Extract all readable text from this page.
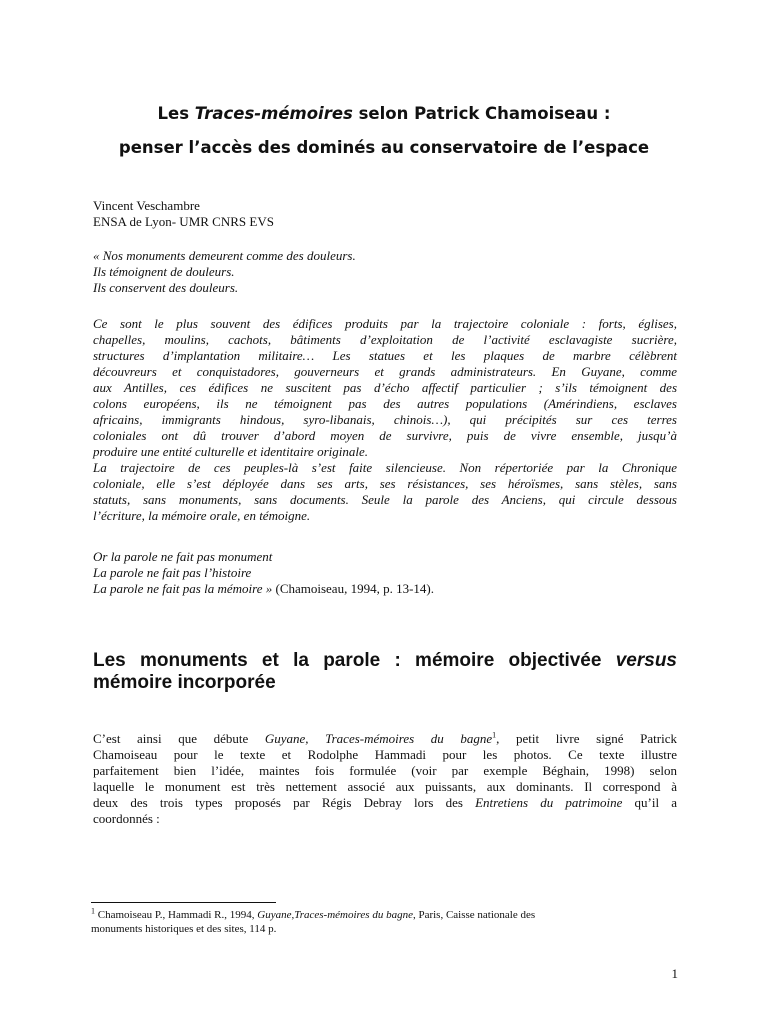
Les Traces-mémoires selon Patrick Chamoiseau :
penser l’accès des dominés au conservatoire de l’espace
Vincent Veschambre
ENSA de Lyon- UMR CNRS EVS
« Nos monuments demeurent comme des douleurs.
Ils témoignent de douleurs.
Ils conservent des douleurs.
Ce sont le plus souvent des édifices produits par la trajectoire coloniale : forts, églises,
chapelles, moulins, cachots, bâtiments d’exploitation de l’activité esclavagiste sucrière,
structures d’implantation militaire… Les statues et les plaques de marbre célèbrent
découvreurs et conquistadores, gouverneurs et grands administrateurs. En Guyane, comme
aux Antilles, ces édifices ne suscitent pas d’écho affectif particulier ; s’ils témoignent des
colons européens, ils ne témoignent pas des autres populations (Amérindiens, esclaves
africains, immigrants hindous, syro-libanais, chinois…), qui précipités sur ces terres
coloniales ont dû trouver d’abord moyen de survivre, puis de vivre ensemble, jusqu’à
produire une entité culturelle et identitaire originale.
La trajectoire de ces peuples-là s’est faite silencieuse. Non répertoriée par la Chronique
coloniale, elle s’est déployée dans ses arts, ses résistances, ses héroïsmes, sans stèles, sans
statuts, sans monuments, sans documents. Seule la parole des Anciens, qui circule dessous
l’écriture, la mémoire orale, en témoigne.
Or la parole ne fait pas monument
La parole ne fait pas l’histoire
La parole ne fait pas la mémoire » (Chamoiseau, 1994, p. 13-14).
Les monuments et la parole : mémoire objectivée versus
mémoire incorporée
C’est ainsi que débute Guyane, Traces-mémoires du bagne$^1$, petit livre signé Patrick
Chamoiseau pour le texte et Rodolphe Hammadi pour les photos. Ce texte illustre
parfaitement bien l’idée, maintes fois formulée (voir par exemple Béghain, 1998) selon
laquelle le monument est très nettement associé aux puissants, aux dominants. Il correspond à
deux des trois types proposés par Régis Debray lors des Entretiens du patrimoine qu’il a
coordonnés :
$^1$ Chamoiseau P., Hammadi R., 1994, Guyane,Traces-mémoires du bagne, Paris, Caisse nationale des
monuments historiques et des sites, 114 p.
1
